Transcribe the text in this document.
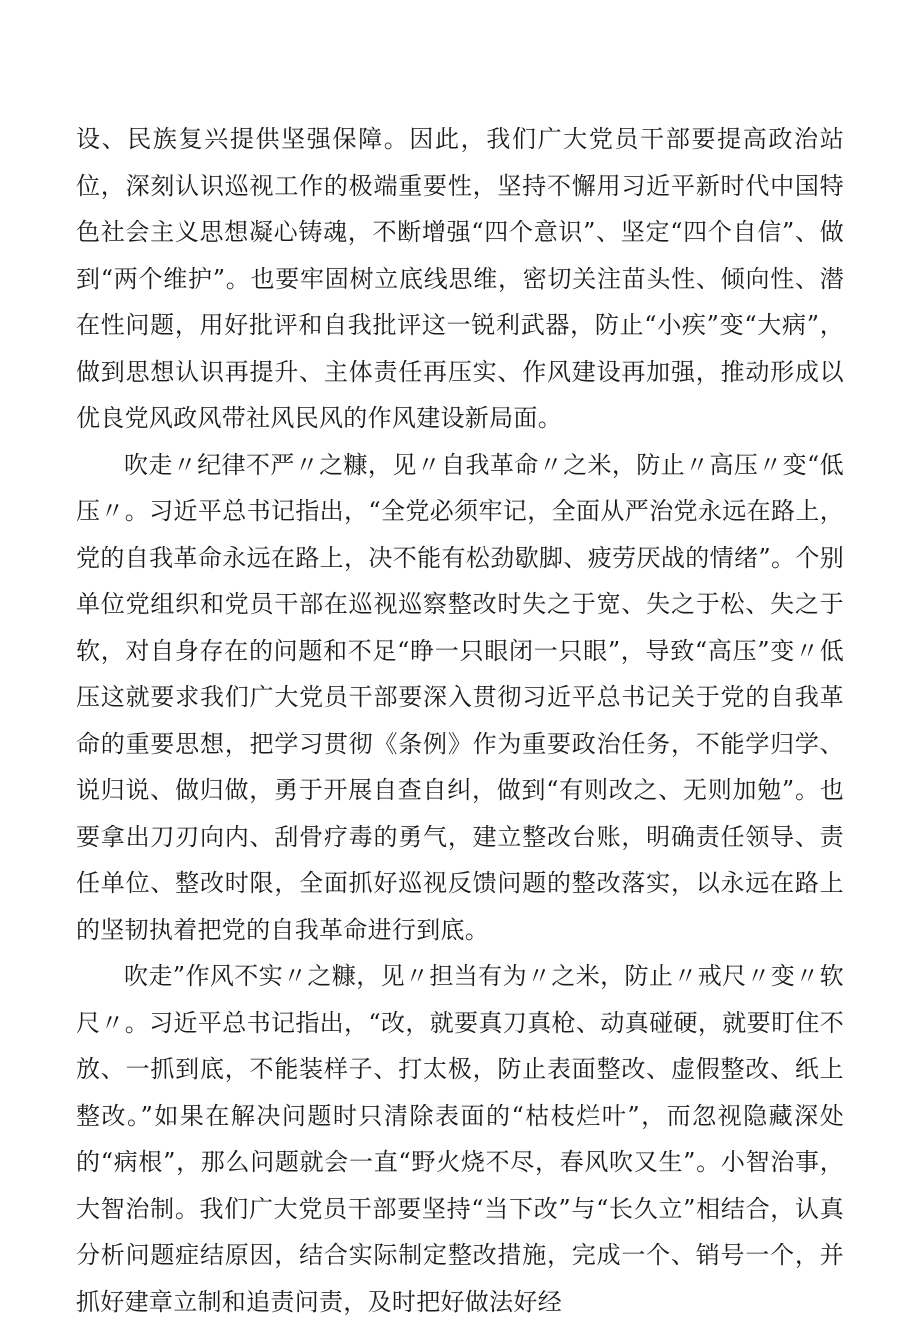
设、民族复兴提供坚强保障。因此，我们广大党员干部要提高政治站位，深刻认识巡视工作的极端重要性，坚持不懈用习近平新时代中国特色社会主义思想凝心铸魂，不断增强“四个意识”、坚定“四个自信”、做到“两个维护”。也要牢固树立底线思维，密切关注苗头性、倾向性、潜在性问题，用好批评和自我批评这一锐利武器，防止“小疾”变“大病”，做到思想认识再提升、主体责任再压实、作风建设再加强，推动形成以优良党风政风带社风民风的作风建设新局面。

吹走〃纪律不严〃之糠，见〃自我革命〃之米，防止〃高压〃变“低压〃。习近平总书记指出，“全党必须牢记，全面从严治党永远在路上，党的自我革命永远在路上，决不能有松劲歇脚、疲劳厌战的情绪”。个别单位党组织和党员干部在巡视巡察整改时失之于宽、失之于松、失之于软，对自身存在的问题和不足“睁一只眼闭一只眼”，导致“高压”变〃低压这就要求我们广大党员干部要深入贯彻习近平总书记关于党的自我革命的重要思想，把学习贯彻《条例》作为重要政治任务，不能学归学、说归说、做归做，勇于开展自查自纠，做到“有则改之、无则加勉”。也要拿出刀刃向内、刮骨疗毒的勇气，建立整改台账，明确责任领导、责任单位、整改时限，全面抓好巡视反馈问题的整改落实，以永远在路上的坚韧执着把党的自我革命进行到底。

吹走”作风不实〃之糠，见〃担当有为〃之米，防止〃戒尺〃变〃软尺〃。习近平总书记指出，“改，就要真刀真枪、动真碰硬，就要盯住不放、一抓到底，不能装样子、打太极，防止表面整改、虚假整改、纸上整改。”如果在解决问题时只清除表面的“枯枝烂叶”，而忽视隐藏深处的“病根”，那么问题就会一直“野火烧不尽，春风吹又生”。小智治事，大智治制。我们广大党员干部要坚持“当下改”与“长久立”相结合，认真分析问题症结原因，结合实际制定整改措施，完成一个、销号一个，并抓好建章立制和追责问责，及时把好做法好经
